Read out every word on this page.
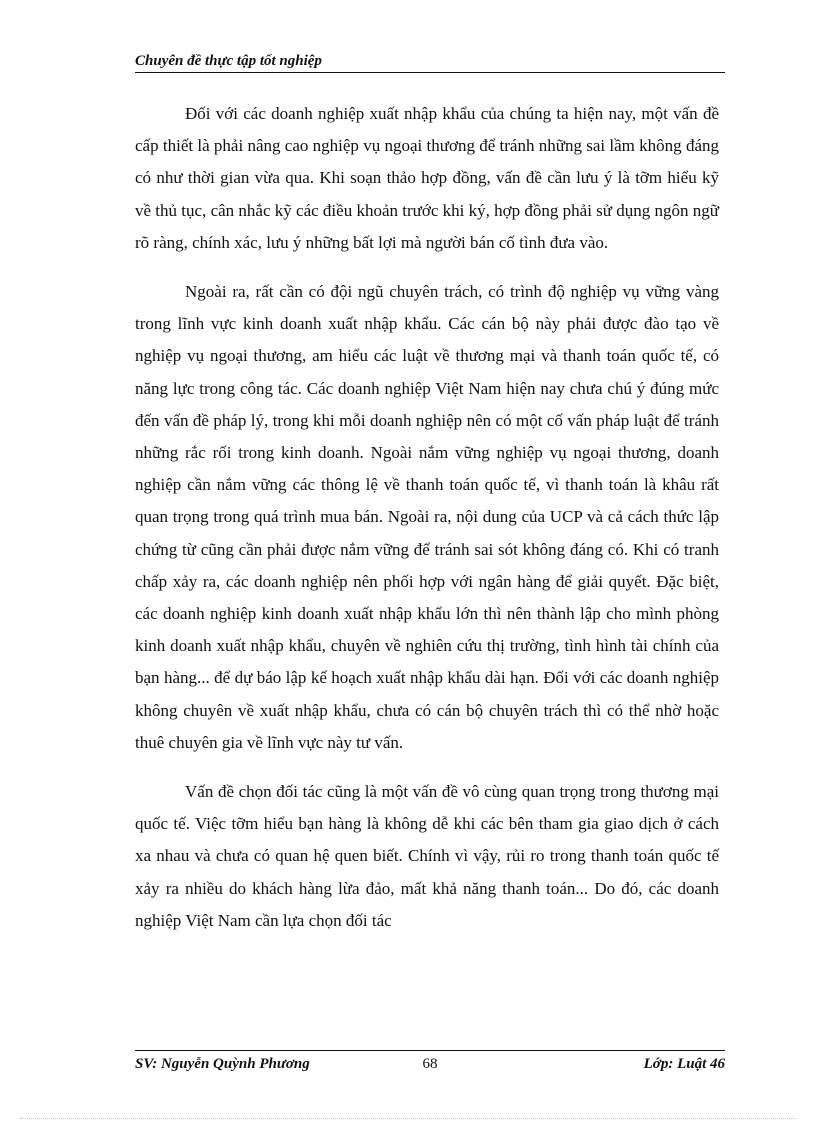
Chuyên đề thực tập tốt nghiệp

Đối với các doanh nghiệp xuất nhập khẩu của chúng ta hiện nay, một vấn đề cấp thiết là phải nâng cao nghiệp vụ ngoại thương để tránh những sai lầm không đáng có như thời gian vừa qua. Khi soạn thảo hợp đồng, vấn đề cần lưu ý là tỡm hiểu kỹ về thủ tục, cân nhắc kỹ các điều khoản trước khi ký, hợp đồng phải sử dụng ngôn ngữ rõ ràng, chính xác, lưu ý những bất lợi mà người bán cố tình đưa vào.

Ngoài ra, rất cần có đội ngũ chuyên trách, có trình độ nghiệp vụ vững vàng trong lĩnh vực kinh doanh xuất nhập khẩu. Các cán bộ này phải được đào tạo về nghiệp vụ ngoại thương, am hiểu các luật về thương mại và thanh toán quốc tế, có năng lực trong công tác. Các doanh nghiệp Việt Nam hiện nay chưa chú ý đúng mức đến vấn đề pháp lý, trong khi mỗi doanh nghiệp nên có một cố vấn pháp luật để tránh những rắc rối trong kinh doanh. Ngoài nắm vững nghiệp vụ ngoại thương, doanh nghiệp cần nắm vững các thông lệ về thanh toán quốc tế, vì thanh toán là khâu rất quan trọng trong quá trình mua bán. Ngoài ra, nội dung của UCP và cả cách thức lập chứng từ cũng cần phải được nắm vững để tránh sai sót không đáng có. Khi có tranh chấp xảy ra, các doanh nghiệp nên phối hợp với ngân hàng để giải quyết. Đặc biệt, các doanh nghiệp kinh doanh xuất nhập khẩu lớn thì nên thành lập cho mình phòng kinh doanh xuất nhập khẩu, chuyên về nghiên cứu thị trường, tình hình tài chính của bạn hàng... để dự báo lập kế hoạch xuất nhập khẩu dài hạn. Đối với các doanh nghiệp không chuyên về xuất nhập khẩu, chưa có cán bộ chuyên trách thì có thể nhờ hoặc thuê chuyên gia về lĩnh vực này tư vấn.

Vấn đề chọn đối tác cũng là một vấn đề vô cùng quan trọng trong thương mại quốc tế. Việc tỡm hiểu bạn hàng là không dễ khi các bên tham gia giao dịch ở cách xa nhau và chưa có quan hệ quen biết. Chính vì vậy, rủi ro trong thanh toán quốc tế xảy ra nhiều do khách hàng lừa đảo, mất khả năng thanh toán... Do đó, các doanh nghiệp Việt Nam cần lựa chọn đối tác

SV: Nguyễn Quỳnh Phương	68	Lớp: Luật 46
